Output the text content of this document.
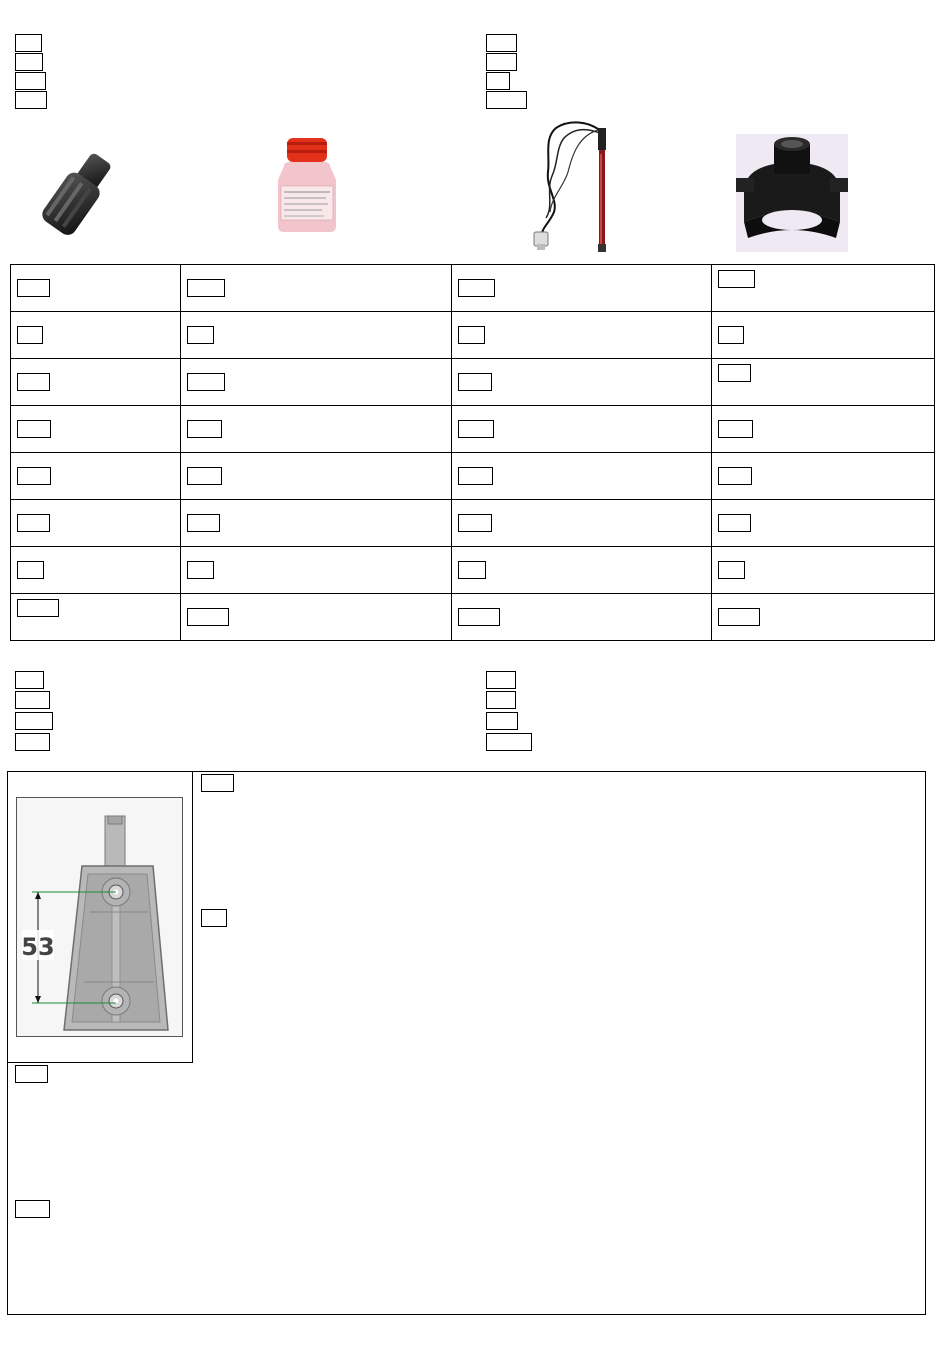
53
